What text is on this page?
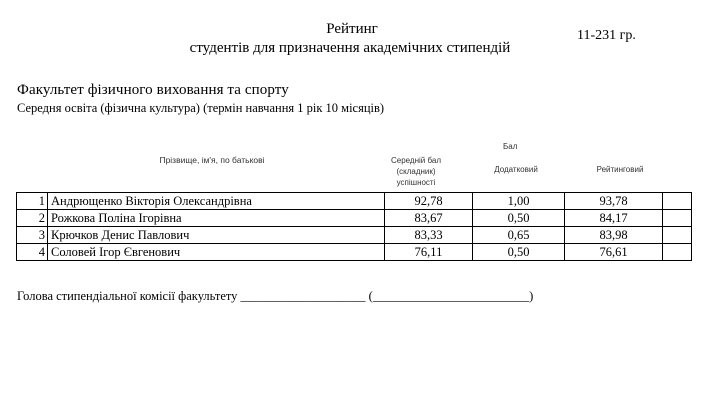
Рейтинг
студентів для призначення академічних стипендій
11-231 гр.
Факультет фізичного виховання та спорту
Середня освіта (фізична культура) (термін навчання 1 рік 10 місяців)
Прізвище, ім'я, по батькові
Бал
Середній бал (складник) успішності
Додатковий	Рейтинговий
1	Андрющенко Вікторія Олександрівна	92,78	1,00	93,78	
2	Рожкова Поліна Ігорівна	83,67	0,50	84,17	
3	Крючков Денис Павлович	83,33	0,65	83,98	
4	Соловей Ігор Євгенович	76,11	0,50	76,61	
Голова стипендіальної комісії факультету ____________________ (_________________________)
